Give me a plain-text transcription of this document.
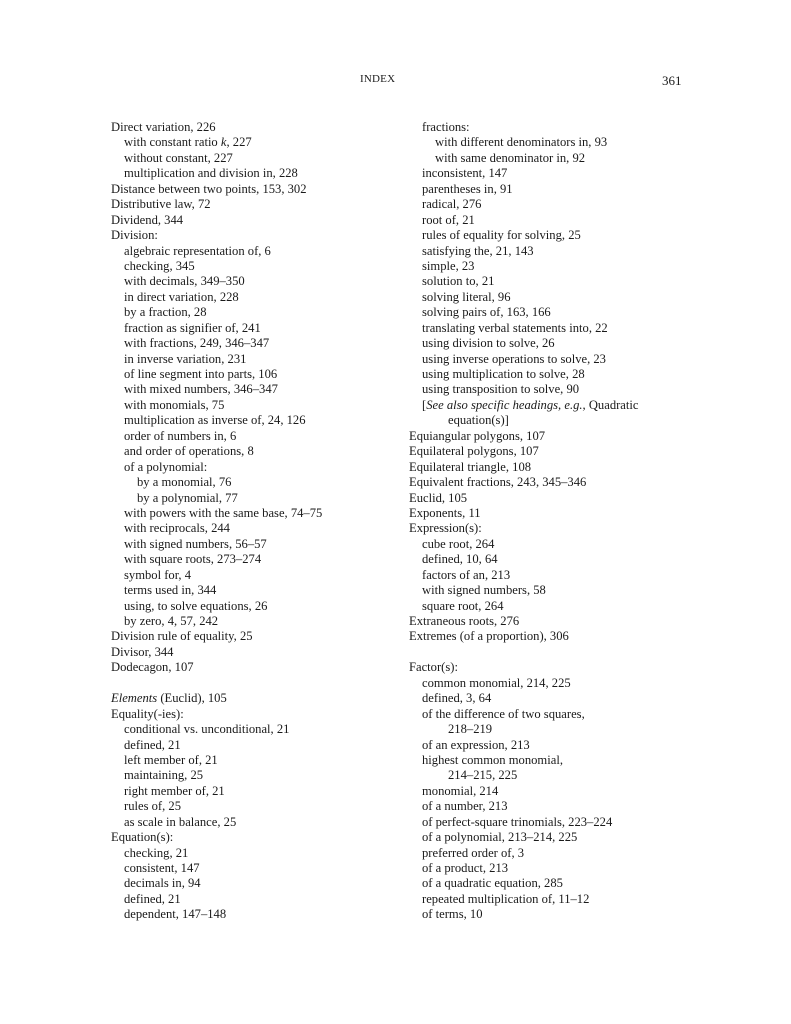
INDEX	361
Direct variation, 226
with constant ratio k, 227
without constant, 227
multiplication and division in, 228
Distance between two points, 153, 302
Distributive law, 72
Dividend, 344
Division:
algebraic representation of, 6
checking, 345
with decimals, 349–350
in direct variation, 228
by a fraction, 28
fraction as signifier of, 241
with fractions, 249, 346–347
in inverse variation, 231
of line segment into parts, 106
with mixed numbers, 346–347
with monomials, 75
multiplication as inverse of, 24, 126
order of numbers in, 6
and order of operations, 8
of a polynomial:
by a monomial, 76
by a polynomial, 77
with powers with the same base, 74–75
with reciprocals, 244
with signed numbers, 56–57
with square roots, 273–274
symbol for, 4
terms used in, 344
using, to solve equations, 26
by zero, 4, 57, 242
Division rule of equality, 25
Divisor, 344
Dodecagon, 107
Elements (Euclid), 105
Equality(-ies):
conditional vs. unconditional, 21
defined, 21
left member of, 21
maintaining, 25
right member of, 21
rules of, 25
as scale in balance, 25
Equation(s):
checking, 21
consistent, 147
decimals in, 94
defined, 21
dependent, 147–148
fractions:
with different denominators in, 93
with same denominator in, 92
inconsistent, 147
parentheses in, 91
radical, 276
root of, 21
rules of equality for solving, 25
satisfying the, 21, 143
simple, 23
solution to, 21
solving literal, 96
solving pairs of, 163, 166
translating verbal statements into, 22
using division to solve, 26
using inverse operations to solve, 23
using multiplication to solve, 28
using transposition to solve, 90
[See also specific headings, e.g., Quadratic
equation(s)]
Equiangular polygons, 107
Equilateral polygons, 107
Equilateral triangle, 108
Equivalent fractions, 243, 345–346
Euclid, 105
Exponents, 11
Expression(s):
cube root, 264
defined, 10, 64
factors of an, 213
with signed numbers, 58
square root, 264
Extraneous roots, 276
Extremes (of a proportion), 306
Factor(s):
common monomial, 214, 225
defined, 3, 64
of the difference of two squares,
218–219
of an expression, 213
highest common monomial,
214–215, 225
monomial, 214
of a number, 213
of perfect-square trinomials, 223–224
of a polynomial, 213–214, 225
preferred order of, 3
of a product, 213
of a quadratic equation, 285
repeated multiplication of, 11–12
of terms, 10
